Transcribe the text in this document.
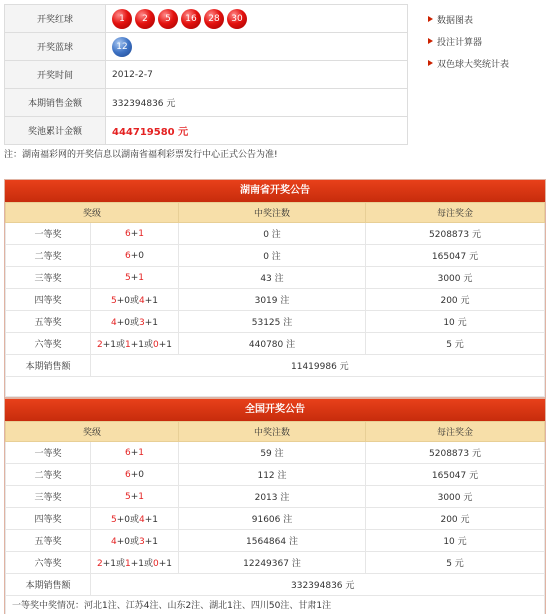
开奖红球	1 2 5 16 28 30
开奖蓝球	12
开奖时间	2012-2-7
本期销售金额	332394836 元
奖池累计金额	444719580 元
数据图表
投注计算器
双色球大奖统计表
注：湖南福彩网的开奖信息以湖南省福利彩票发行中心正式公告为准!
湖南省开奖公告
奖级		中奖注数	每注奖金
一等奖	6+1	0 注	5208873 元
二等奖	6+0	0 注	165047 元
三等奖	5+1	43 注	3000 元
四等奖	5+0或4+1	3019 注	200 元
五等奖	4+0或3+1	53125 注	10 元
六等奖	2+1或1+1或0+1	440780 注	5 元
本期销售额	11419986 元		
全国开奖公告
奖级		中奖注数	每注奖金
一等奖	6+1	59 注	5208873 元
二等奖	6+0	112 注	165047 元
三等奖	5+1	2013 注	3000 元
四等奖	5+0或4+1	91606 注	200 元
五等奖	4+0或3+1	1564864 注	10 元
六等奖	2+1或1+1或0+1	12249367 注	5 元
本期销售额	332394836 元		
一等奖中奖情况：河北1注、江苏4注、山东2注、湖北1注、四川50注、甘肃1注
